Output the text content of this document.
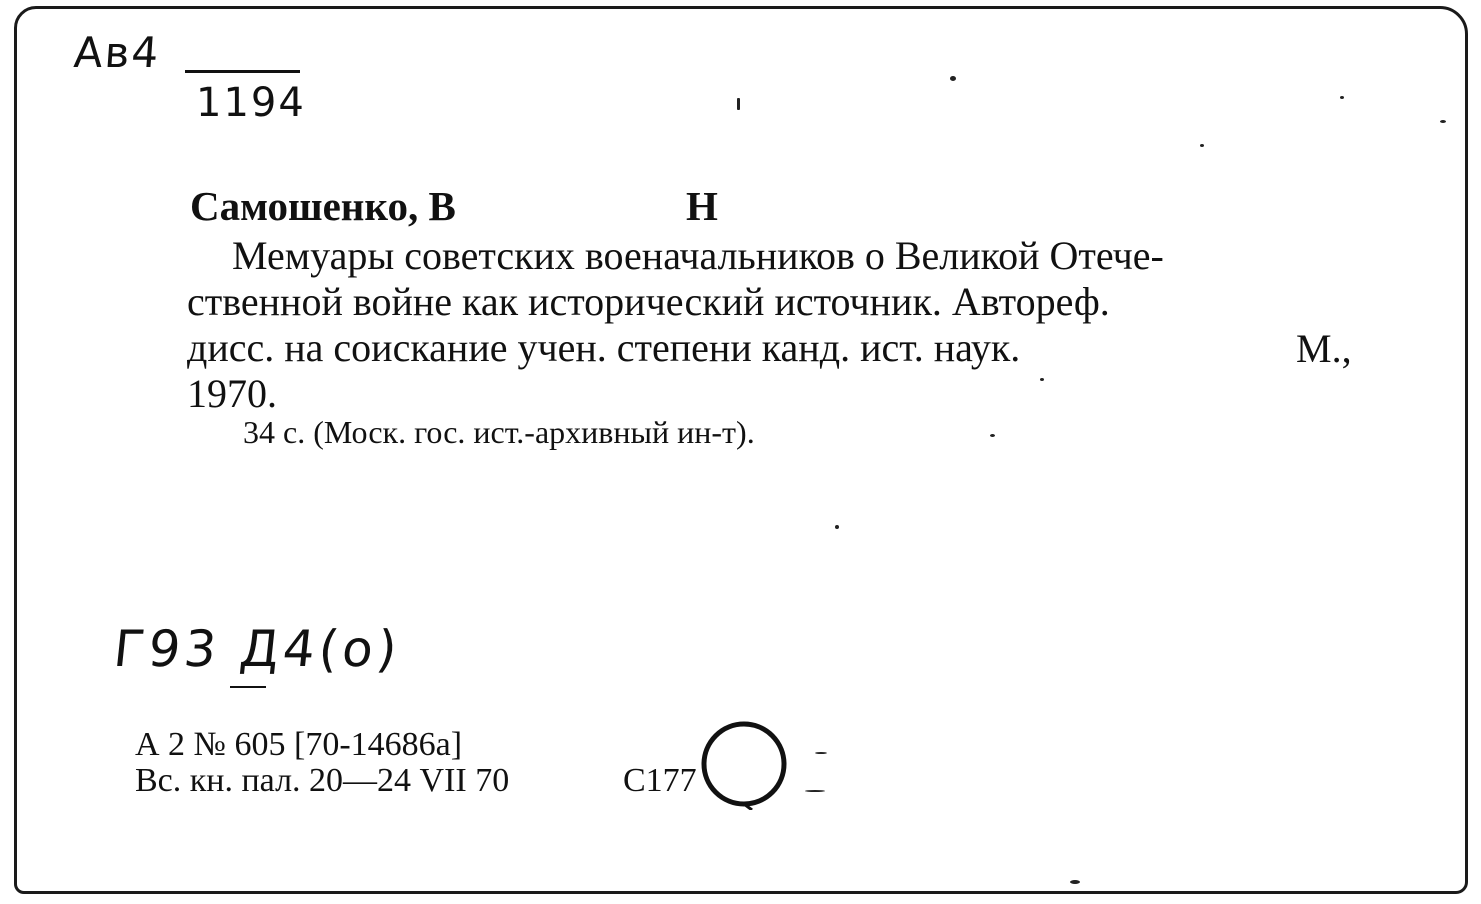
Ав4
1194
Самошенко, В	Н
Мемуары советских военачальников о Великой Отече-
ственной войне как исторический источник. Автореф.
дисс. на соискание учен. степени канд. ист. наук.	М.,
1970.
34 с. (Моск. гос. ист.-архивный ин-т).
Г93 Д4(о)
А 2 № 605 [70-14686а]
Вс. кн. пал. 20—24 VII 70	С177
